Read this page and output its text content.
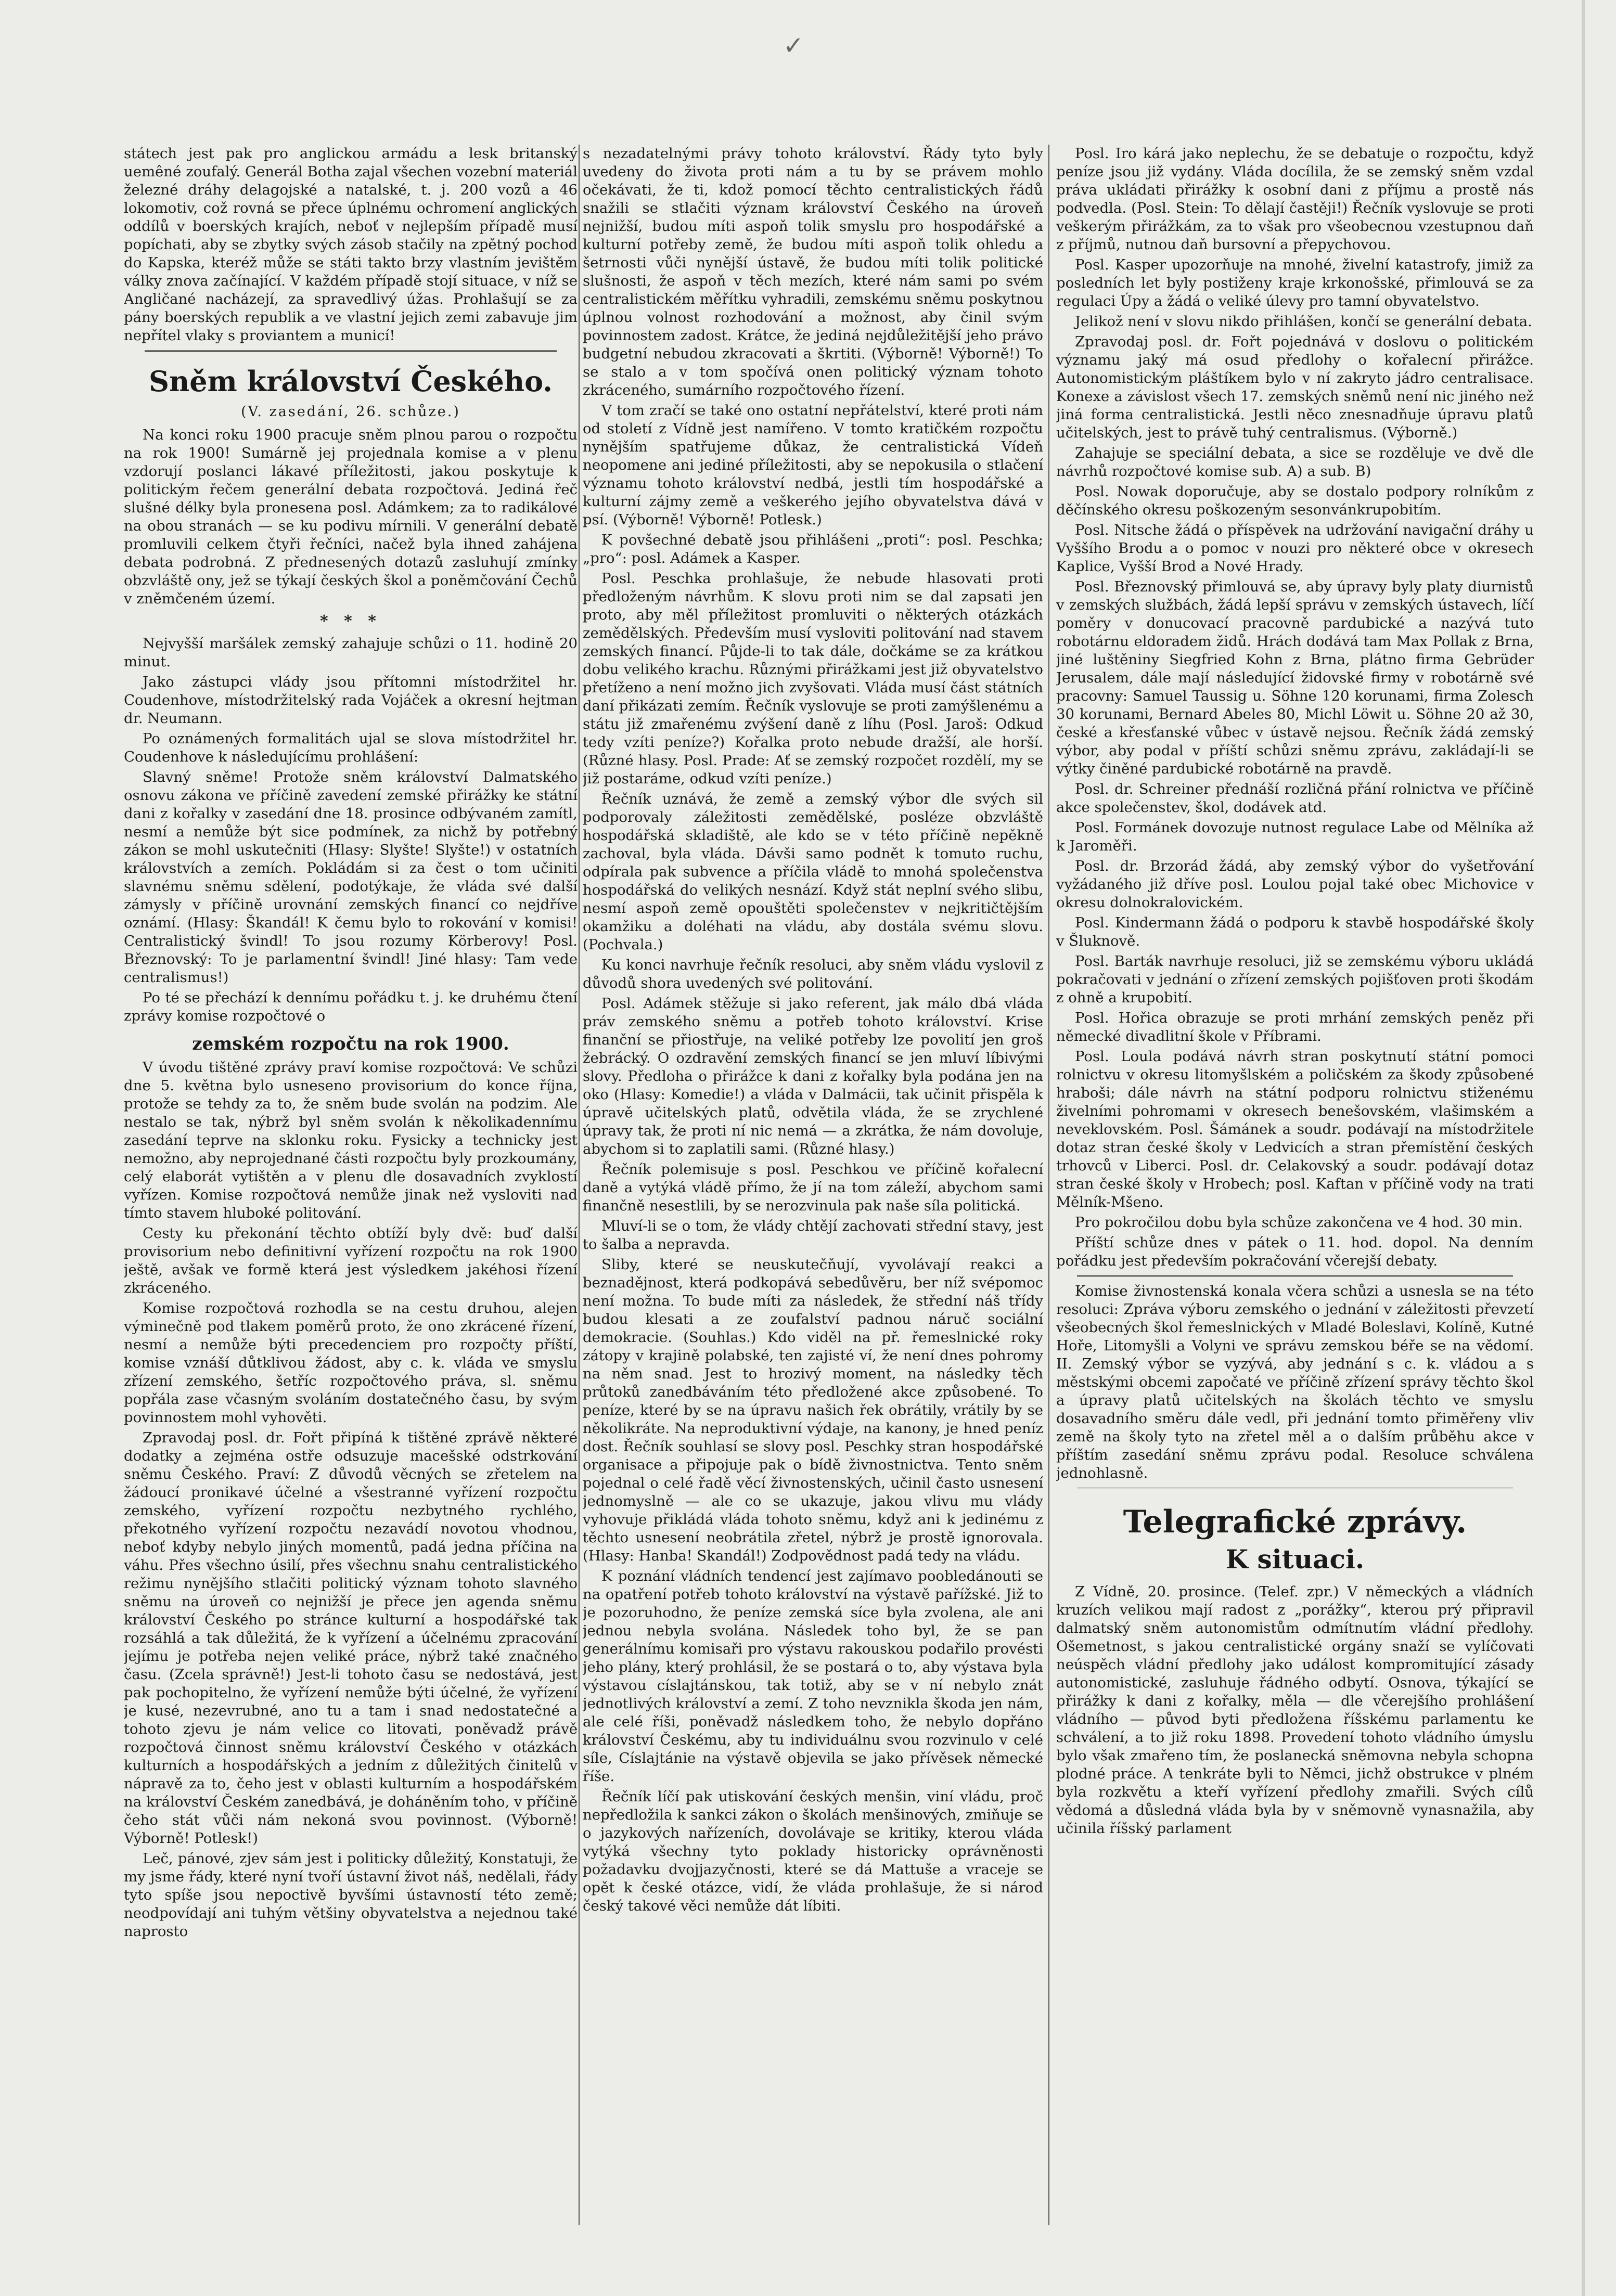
✓

státech jest pak pro anglickou armádu a lesk britanský uemêné zoufalý. Generál Botha zajal všechen vozební materiál železné dráhy delagojské a natalské, t. j. 200 vozů a 46 lokomotiv, což rovná se přece úplnému ochromení anglických oddílů v boerských krajích, neboť v nejlepším případě musí popíchati, aby se zbytky svých zásob stačily na zpětný pochod do Kapska, kteréž může se státi takto brzy vlastním jevištěm války znova začínající. V každém případě stojí situace, v níž se Angličané nacházejí, za spravedlivý úžas. Prohlašují se za pány boerských republik a ve vlastní jejich zemi zabavuje jim nepřítel vlaky s proviantem a municí!

Sněm království Českého.
(V. zasedání, 26. schůze.)

Na konci roku 1900 pracuje sněm plnou parou o rozpočtu na rok 1900! Sumárně jej projednala komise a v plenu vzdorují poslanci lákavé příležitosti, jakou poskytuje k politickým řečem generální debata rozpočtová. Jediná řeč slušné délky byla pronesena posl. Adámkem; za to radikálové na obou stranách — se ku podivu mírnili. V generální debatě promluvili celkem čtyři řečníci, načež byla ihned zahájena debata podrobná. Z přednesených dotazů zasluhují zmínky obzvláště ony, jež se týkají českých škol a poněmčování Čechů v zněmčeném území.

* * *

Nejvyšší maršálek zemský zahajuje schůzi o 11. hodině 20 minut.

Jako zástupci vlády jsou přítomni místodržitel hr. Coudenhove, místodržitelský rada Vojáček a okresní hejtman dr. Neumann.

Po oznámených formalitách ujal se slova místodržitel hr. Coudenhove k následujícímu prohlášení:

Slavný sněme! Protože sněm království Dalmatského osnovu zákona ve příčině zavedení zemské přirážky ke státní dani z kořalky v zasedání dne 18. prosince odbývaném zamítl, nesmí a nemůže být sice podmínek, za nichž by potřebný zákon se mohl uskutečniti (Hlasy: Slyšte! Slyšte!) v ostatních královstvích a zemích. Pokládám si za čest o tom učiniti slavnému sněmu sdělení, podotýkaje, že vláda své další zámysly v příčině urovnání zemských financí co nejdříve oznámí. (Hlasy: Škandál! K čemu bylo to rokování v komisi! Centralistický švindl! To jsou rozumy Körberovy! Posl. Březnovský: To je parlamentní švindl! Jiné hlasy: Tam vede centralismus!)

Po té se přechází k dennímu pořádku t. j. ke druhému čtení zprávy komise rozpočtové o

zemském rozpočtu na rok 1900.

V úvodu tištěné zprávy praví komise rozpočtová: Ve schůzi dne 5. května bylo usneseno provisorium do konce října, protože se tehdy za to, že sněm bude svolán na podzim. Ale nestalo se tak, nýbrž byl sněm svolán k několikadennímu zasedání teprve na sklonku roku. Fysicky a technicky jest nemožno, aby neprojednané části rozpočtu byly prozkoumány, celý elaborát vytištěn a v plenu dle dosavadních zvyklostí vyřízen. Komise rozpočtová nemůže jinak než vysloviti nad tímto stavem hluboké politování.

Cesty ku překonání těchto obtíží byly dvě: buď další provisorium nebo definitivní vyřízení rozpočtu na rok 1900 ještě, avšak ve formě která jest výsledkem jakéhosi řízení zkráceného.

Komise rozpočtová rozhodla se na cestu druhou, alejen výminečně pod tlakem poměrů proto, že ono zkrácené řízení, nesmí a nemůže býti precedenciem pro rozpočty příští, komise vznáší důtklivou žádost, aby c. k. vláda ve smyslu zřízení zemského, šetříc rozpočtového práva, sl. sněmu popřála zase včasným svoláním dostatečného času, by svým povinnostem mohl vyhověti.

Zpravodaj posl. dr. Fořt připíná k tištěné zprávě některé dodatky a zejména ostře odsuzuje macešské odstrkování sněmu Českého. Praví: Z důvodů věcných se zřetelem na žádoucí pronikavé účelné a všestranné vyřízení rozpočtu zemského, vyřízení rozpočtu nezbytného rychlého, překotného vyřízení rozpočtu nezavádí novotou vhodnou, neboť kdyby nebylo jiných momentů, padá jedna příčina na váhu. Přes všechno úsilí, přes všechnu snahu centralistického režimu nynějšího stlačiti politický význam tohoto slavného sněmu na úroveň co nejnižší je přece jen agenda sněmu království Českého po stránce kulturní a hospodářské tak rozsáhlá a tak důležitá, že k vyřízení a účelnému zpracování jejímu je potřeba nejen veliké práce, nýbrž také značného času. (Zcela správně!) Jest-li tohoto času se nedostává, jest pak pochopitelno, že vyřízení nemůže býti účelné, že vyřízení je kusé, nezevrubné, ano tu a tam i snad nedostatečné a tohoto zjevu je nám velice co litovati, poněvadž právě rozpočtová činnost sněmu království Českého v otázkách kulturních a hospodářských a jedním z důležitých činitelů v nápravě za to, čeho jest v oblasti kulturním a hospodářském na království Českém zanedbává, je doháněním toho, v příčině čeho stát vůči nám nekoná svou povinnost. (Výborně! Výborně! Potlesk!)

Leč, pánové, zjev sám jest i politicky důležitý, Konstatuji, že my jsme řády, které nyní tvoří ústavní život náš, nedělali, řády tyto spíše jsou nepoctivě byvšími ústavností této země; neodpovídají ani tuhým většiny obyvatelstva a nejednou také naprosto

s nezadatelnými právy tohoto království. Řády tyto byly uvedeny do života proti nám a tu by se právem mohlo očekávati, že ti, kdož pomocí těchto centralistických řádů snažili se stlačiti význam království Českého na úroveň nejnižší, budou míti aspoň tolik smyslu pro hospodářské a kulturní potřeby země, že budou míti aspoň tolik ohledu a šetrnosti vůči nynější ústavě, že budou míti tolik politické slušnosti, že aspoň v těch mezích, které nám sami po svém centralistickém měřítku vyhradili, zemskému sněmu poskytnou úplnou volnost rozhodování a možnost, aby činil svým povinnostem zadost. Krátce, že jediná nejdůležitější jeho právo budgetní nebudou zkracovati a škrtiti. (Výborně! Výborně!) To se stalo a v tom spočívá onen politický význam tohoto zkráceného, sumárního rozpočtového řízení.

V tom zračí se také ono ostatní nepřátelství, které proti nám od století z Vídně jest namířeno. V tomto kratičkém rozpočtu nynějším spatřujeme důkaz, že centralistická Vídeň neopomene ani jediné příležitosti, aby se nepokusila o stlačení významu tohoto království nedbá, jestli tím hospodářské a kulturní zájmy země a veškerého jejího obyvatelstva dává v psí. (Výborně! Výborně! Potlesk.)

K povšechné debatě jsou přihlášeni „proti“: posl. Peschka; „pro“: posl. Adámek a Kasper.

Posl. Peschka prohlašuje, že nebude hlasovati proti předloženým návrhům. K slovu proti nim se dal zapsati jen proto, aby měl příležitost promluviti o některých otázkách zemědělských. Především musí vysloviti politování nad stavem zemských financí. Půjde-li to tak dále, dočkáme se za krátkou dobu velikého krachu. Různými přirážkami jest již obyvatelstvo přetíženo a není možno jich zvyšovati. Vláda musí část státních daní přikázati zemím. Řečník vyslovuje se proti zamýšlenému a státu již zmařenému zvýšení daně z líhu (Posl. Jaroš: Odkud tedy vzíti peníze?) Kořalka proto nebude dražší, ale horší. (Různé hlasy. Posl. Prade: Ať se zemský rozpočet rozdělí, my se již postaráme, odkud vzíti peníze.)

Řečník uznává, že země a zemský výbor dle svých sil podporovaly záležitosti zemědělské, posléze obzvláště hospodářská skladiště, ale kdo se v této příčině nepěkně zachoval, byla vláda. Dávši samo podnět k tomuto ruchu, odpírala pak subvence a příčila vládě to mnohá společenstva hospodářská do velikých nesnází. Když stát neplní svého slibu, nesmí aspoň země opouštěti společenstev v nejkritičtějším okamžiku a doléhati na vládu, aby dostála svému slovu. (Pochvala.)

Ku konci navrhuje řečník resoluci, aby sněm vládu vyslovil z důvodů shora uvedených své politování.

Posl. Adámek stěžuje si jako referent, jak málo dbá vláda práv zemského sněmu a potřeb tohoto království. Krise finanční se přiostřuje, na veliké potřeby lze povolití jen groš žebrácký. O ozdravění zemských financí se jen mluví líbivými slovy. Předloha o přirážce k dani z kořalky byla podána jen na oko (Hlasy: Komedie!) a vláda v Dalmácii, tak učinit přispěla k úpravě učitelských platů, odvětila vláda, že se zrychlené úpravy tak, že proti ní nic nemá — a zkrátka, že nám dovoluje, abychom si to zaplatili sami. (Různé hlasy.)

Řečník polemisuje s posl. Peschkou ve příčině kořalecní daně a vytýká vládě přímo, že jí na tom záleží, abychom sami finančně nesestlili, by se nerozvinula pak naše síla politická.

Mluví-li se o tom, že vlády chtějí zachovati střední stavy, jest to šalba a nepravda.

Sliby, které se neuskutečňují, vyvolávají reakci a beznadějnost, která podkopává sebedůvěru, ber níž svépomoc není možna. To bude míti za následek, že střední náš třídy budou klesati a ze zoufalství padnou náruč sociální demokracie. (Souhlas.) Kdo viděl na př. řemeslnické roky zátopy v krajině polabské, ten zajisté ví, že není dnes pohromy na něm snad. Jest to hrozivý moment, na následky těch průtoků zanedbáváním této předložené akce způsobené. To peníze, které by se na úpravu našich řek obrátily, vrátily by se několikráte. Na neproduktivní výdaje, na kanony, je hned peníz dost. Řečník souhlasí se slovy posl. Peschky stran hospodářské organisace a připojuje pak o bídě živnostnictva. Tento sněm pojednal o celé řadě věcí živnostenských, učinil často usnesení jednomyslně — ale co se ukazuje, jakou vlivu mu vlády vyhovuje přikládá vláda tohoto sněmu, když ani k jedinému z těchto usnesení neobrátila zřetel, nýbrž je prostě ignorovala. (Hlasy: Hanba! Skandál!) Zodpovědnost padá tedy na vládu.

K poznání vládních tendencí jest zajímavo poobledánouti se na opatření potřeb tohoto království na výstavě pařížské. Již to je pozoruhodno, že peníze zemská síce byla zvolena, ale ani jednou nebyla svolána. Následek toho byl, že se pan generálnímu komisaři pro výstavu rakouskou podařilo provésti jeho plány, který prohlásil, že se postará o to, aby výstava byla výstavou císlajtánskou, tak totiž, aby se v ní nebylo znát jednotlivých království a zemí. Z toho nevznikla škoda jen nám, ale celé říši, poněvadž následkem toho, že nebylo dopřáno království Českému, aby tu individuálnu svou rozvinulo v celé síle, Císlajtánie na výstavě objevila se jako přívěsek německé říše.

Řečník líčí pak utiskování českých menšin, viní vládu, proč nepředložila k sankci zákon o školách menšinových, zmiňuje se o jazykových nařízeních, dovolávaje se kritiky, kterou vláda vytýká všechny tyto poklady historicky oprávněnosti požadavku dvojjazyčnosti, které se dá Mattuše a vraceje se opět k české otázce, vidí, že vláda prohlašuje, že si národ český takové věci nemůže dát líbiti.

Posl. Iro kárá jako neplechu, že se debatuje o rozpočtu, když peníze jsou již vydány. Vláda docílila, že se zemský sněm vzdal práva ukládati přirážky k osobní dani z příjmu a prostě nás podvedla. (Posl. Stein: To dělají častěji!) Řečník vyslovuje se proti veškerým přirážkám, za to však pro všeobecnou vzestupnou daň z příjmů, nutnou daň bursovní a přepychovou.

Posl. Kasper upozorňuje na mnohé, živelní katastrofy, jimiž za posledních let byly postiženy kraje krkonošské, přimlouvá se za regulaci Úpy a žádá o veliké úlevy pro tamní obyvatelstvo.

Jelikož není v slovu nikdo přihlášen, končí se generální debata.

Zpravodaj posl. dr. Fořt pojednává v doslovu o politickém významu jaký má osud předlohy o kořalecní přirážce. Autonomistickým pláštíkem bylo v ní zakryto jádro centralisace. Konexe a závislost všech 17. zemských sněmů není nic jiného než jiná forma centralistická. Jestli něco znesnadňuje úpravu platů učitelských, jest to právě tuhý centralismus. (Výborně.)

Zahajuje se speciální debata, a sice se rozděluje ve dvě dle návrhů rozpočtové komise sub. A) a sub. B)

Posl. Nowak doporučuje, aby se dostalo podpory rolníkům z děčínského okresu poškozeným sesonvánkrupobitím.

Posl. Nitsche žádá o příspěvek na udržování navigační dráhy u Vyššího Brodu a o pomoc v nouzi pro některé obce v okresech Kaplice, Vyšší Brod a Nové Hrady.

Posl. Březnovský přimlouvá se, aby úpravy byly platy diurnistů v zemských službách, žádá lepší správu v zemských ústavech, líčí poměry v donucovací pracovně pardubické a nazývá tuto robotárnu eldoradem židů. Hrách dodává tam Max Pollak z Brna, jiné luštěniny Siegfried Kohn z Brna, plátno firma Gebrüder Jerusalem, dále mají následující židovské firmy v robotárně své pracovny: Samuel Taussig u. Söhne 120 korunami, firma Zolesch 30 korunami, Bernard Abeles 80, Michl Löwit u. Söhne 20 až 30, české a křesťanské vůbec v ústavě nejsou. Řečník žádá zemský výbor, aby podal v příští schůzi sněmu zprávu, zakládají-li se výtky činěné pardubické robotárně na pravdě.

Posl. dr. Schreiner přednáší rozličná přání rolnictva ve příčině akce společenstev, škol, dodávek atd.

Posl. Formánek dovozuje nutnost regulace Labe od Mělníka až k Jaroměři.

Posl. dr. Brzorád žádá, aby zemský výbor do vyšetřování vyžádaného již dříve posl. Loulou pojal také obec Michovice v okresu dolnokralovickém.

Posl. Kindermann žádá o podporu k stavbě hospodářské školy v Šluknově.

Posl. Barták navrhuje resoluci, již se zemskému výboru ukládá pokračovati v jednání o zřízení zemských pojišťoven proti škodám z ohně a krupobití.

Posl. Hořica obrazuje se proti mrhání zemských peněz při německé divadlitní škole v Příbrami.

Posl. Loula podává návrh stran poskytnutí státní pomoci rolnictvu v okresu litomyšlském a poličském za škody způsobené hraboši; dále návrh na státní podporu rolnictvu stiženému živelními pohromami v okresech benešovském, vlašimském a neveklovském. Posl. Šámánek a soudr. podávají na místodržitele dotaz stran české školy v Ledvicích a stran přemístění českých trhovců v Liberci. Posl. dr. Celakovský a soudr. podávají dotaz stran české školy v Hrobech; posl. Kaftan v příčině vody na trati Mělník-Mšeno.

Pro pokročilou dobu byla schůze zakončena ve 4 hod. 30 min.

Příští schůze dnes v pátek o 11. hod. dopol. Na denním pořádku jest především pokračování včerejší debaty.

Komise živnostenská konala včera schůzi a usnesla se na této resoluci: Zpráva výboru zemského o jednání v záležitosti převzetí všeobecných škol řemeslnických v Mladé Boleslavi, Kolíně, Kutné Hoře, Litomyšli a Volyni ve správu zemskou béře se na vědomí. II. Zemský výbor se vyzývá, aby jednání s c. k. vládou a s městskými obcemi započaté ve příčině zřízení správy těchto škol a úpravy platů učitelských na školách těchto ve smyslu dosavadního směru dále vedl, při jednání tomto přiměřeny vliv země na školy tyto na zřetel měl a o dalším průběhu akce v příštím zasedání sněmu zprávu podal. Resoluce schválena jednohlasně.

Telegrafické zprávy.
K situaci.

Z Vídně, 20. prosince. (Telef. zpr.) V německých a vládních kruzích velikou mají radost z „porážky“, kterou prý připravil dalmatský sněm autonomistům odmítnutím vládní předlohy. Ošemetnost, s jakou centralistické orgány snaží se vylíčovati neúspěch vládní předlohy jako událost kompromitující zásady autonomistické, zasluhuje řádného odbytí. Osnova, týkající se přirážky k dani z kořalky, měla — dle včerejšího prohlášení vládního — původ byti předložena říšskému parlamentu ke schválení, a to již roku 1898. Provedení tohoto vládního úmyslu bylo však zmařeno tím, že poslanecká sněmovna nebyla schopna plodné práce. A tenkráte byli to Němci, jichž obstrukce v plném byla rozkvětu a kteří vyřízení předlohy zmařili. Svých cílů vědomá a důsledná vláda byla by v sněmovně vynasnažila, aby učinila říšský parlament
